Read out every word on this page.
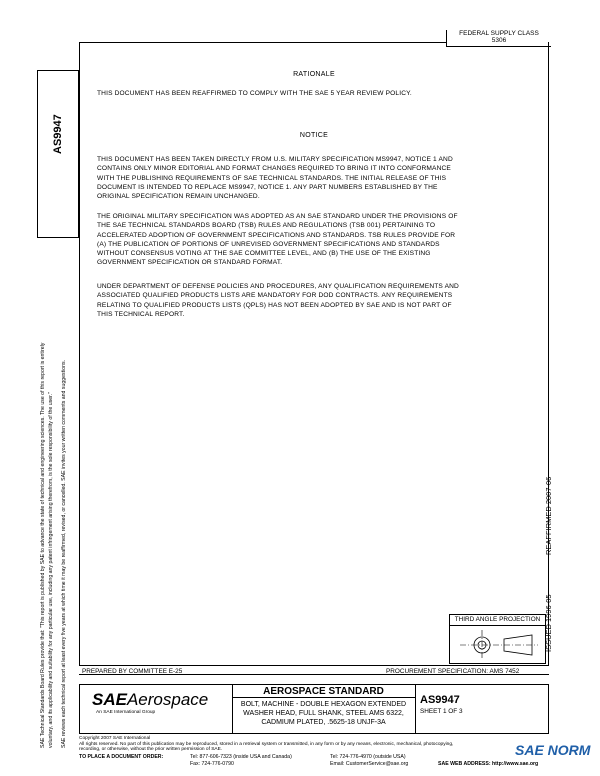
FEDERAL SUPPLY CLASS
5306
AS9947
SAE Technical Standards Board Rules provide that: "This report is published by SAE to advance the state of technical and engineering sciences. The use of this report is entirely voluntary, and its applicability and suitability for any particular use, including any patent infringement arising therefrom, is the sole responsibility of the user." SAE reviews each technical report at least every five years at which time it may be reaffirmed, revised, or cancelled. SAE invites your written comments and suggestions.
RATIONALE
THIS DOCUMENT HAS BEEN REAFFIRMED TO COMPLY WITH THE SAE 5 YEAR REVIEW POLICY.
NOTICE
THIS DOCUMENT HAS BEEN TAKEN DIRECTLY FROM U.S. MILITARY SPECIFICATION MS9947, NOTICE 1 AND
CONTAINS ONLY MINOR EDITORIAL AND FORMAT CHANGES REQUIRED TO BRING IT INTO CONFORMANCE
WITH THE PUBLISHING REQUIREMENTS OF SAE TECHNICAL STANDARDS. THE INITIAL RELEASE OF THIS
DOCUMENT IS INTENDED TO REPLACE MS9947, NOTICE 1. ANY PART NUMBERS ESTABLISHED BY THE
ORIGINAL SPECIFICATION REMAIN UNCHANGED.
THE ORIGINAL MILITARY SPECIFICATION WAS ADOPTED AS AN SAE STANDARD UNDER THE PROVISIONS OF
THE SAE TECHNICAL STANDARDS BOARD (TSB) RULES AND REGULATIONS (TSB 001) PERTAINING TO
ACCELERATED ADOPTION OF GOVERNMENT SPECIFICATIONS AND STANDARDS. TSB RULES PROVIDE FOR
(A) THE PUBLICATION OF PORTIONS OF UNREVISED GOVERNMENT SPECIFICATIONS AND STANDARDS
WITHOUT CONSENSUS VOTING AT THE SAE COMMITTEE LEVEL, AND (B) THE USE OF THE EXISTING
GOVERNMENT SPECIFICATION OR STANDARD FORMAT.
UNDER DEPARTMENT OF DEFENSE POLICIES AND PROCEDURES, ANY QUALIFICATION REQUIREMENTS AND
ASSOCIATED QUALIFIED PRODUCTS LISTS ARE MANDATORY FOR DOD CONTRACTS. ANY REQUIREMENTS
RELATING TO QUALIFIED PRODUCTS LISTS (QPLS) HAS NOT BEEN ADOPTED BY SAE AND IS NOT PART OF
THIS TECHNICAL REPORT.
REAFFIRMED 2007-06
ISSUED 1996-05
THIRD ANGLE PROJECTION
PREPARED BY COMMITTEE E-25	PROCUREMENT SPECIFICATION: AMS 7452
SAEAerospace
An SAE International Group
AEROSPACE STANDARD
BOLT, MACHINE - DOUBLE HEXAGON EXTENDED
WASHER HEAD, FULL SHANK, STEEL AMS 6322,
CADMIUM PLATED, .5625-18 UNJF-3A
AS9947
SHEET 1 OF 3
Copyright 2007 SAE International
All rights reserved. No part of this publication may be reproduced, stored in a retrieval system or transmitted, in any form or by any means, electronic, mechanical, photocopying,
recording, or otherwise, without the prior written permission of SAE.
TO PLACE A DOCUMENT ORDER:	Tel: 877-606-7323 (inside USA and Canada)
Fax: 724-776-0790
Tel: 724-776-4970 (outside USA)
Email: CustomerService@sae.org	SAE WEB ADDRESS: http://www.sae.org
SAE NORM
